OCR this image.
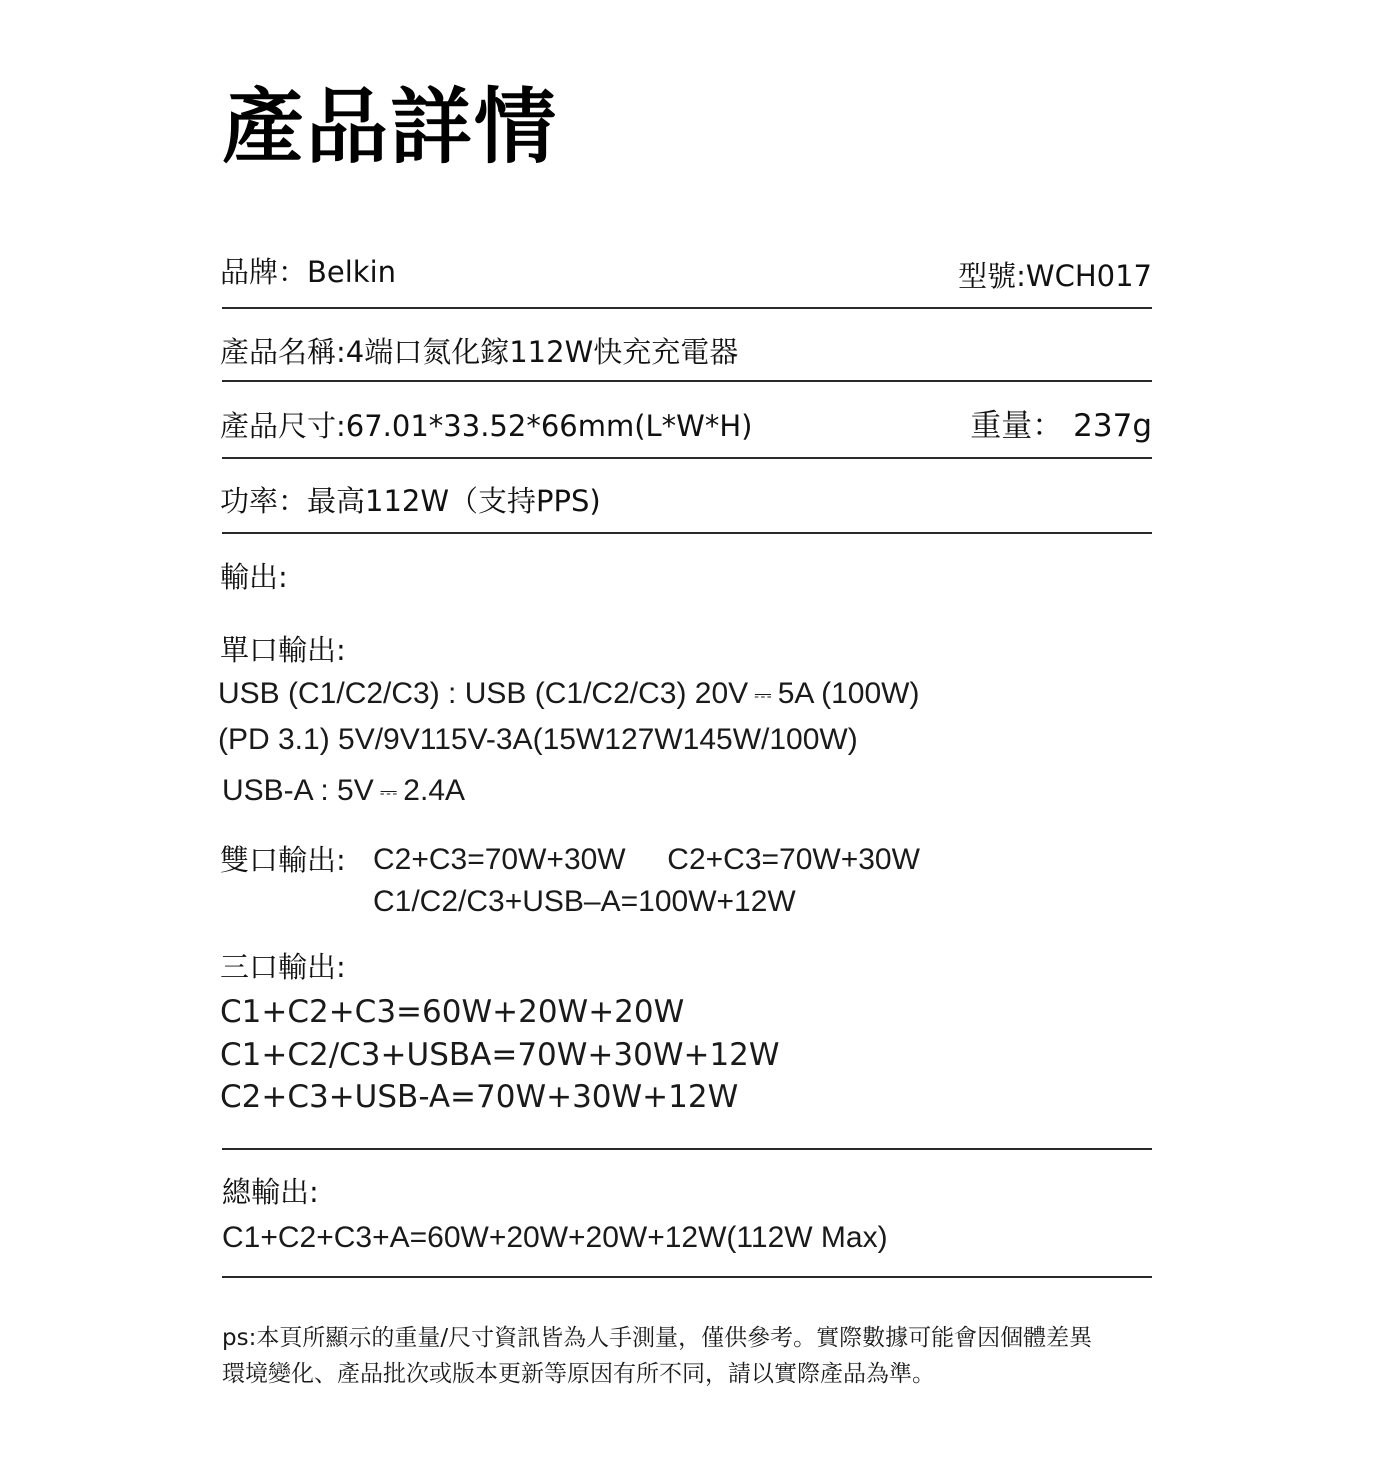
產品詳情
品牌：Belkin	型號:WCH017
產品名稱:4端口氮化鎵112W快充充電器
產品尺寸:67.01*33.52*66mm(L*W*H)	重量： 237g
功率：最高112W（支持PPS)
輸出:
單口輸出:
USB (C1/C2/C3) : USB (C1/C2/C3) 20V ⎓ 5A (100W)
(PD 3.1) 5V/9V115V-3A(15W127W145W/100W)
USB-A : 5V ⎓ 2.4A
雙口輸出: C2+C3=70W+30W     C2+C3=70W+30W
C1/C2/C3+USB–A=100W+12W
三口輸出:
C1+C2+C3=60W+20W+20W
C1+C2/C3+USBA=70W+30W+12W
C2+C3+USB-A=70W+30W+12W
總輸出:
C1+C2+C3+A=60W+20W+20W+12W(112W Max)
ps:本頁所顯示的重量/尺寸資訊皆為人手測量，僅供參考。實際數據可能會因個體差異
環境變化、產品批次或版本更新等原因有所不同，請以實際產品為準。
